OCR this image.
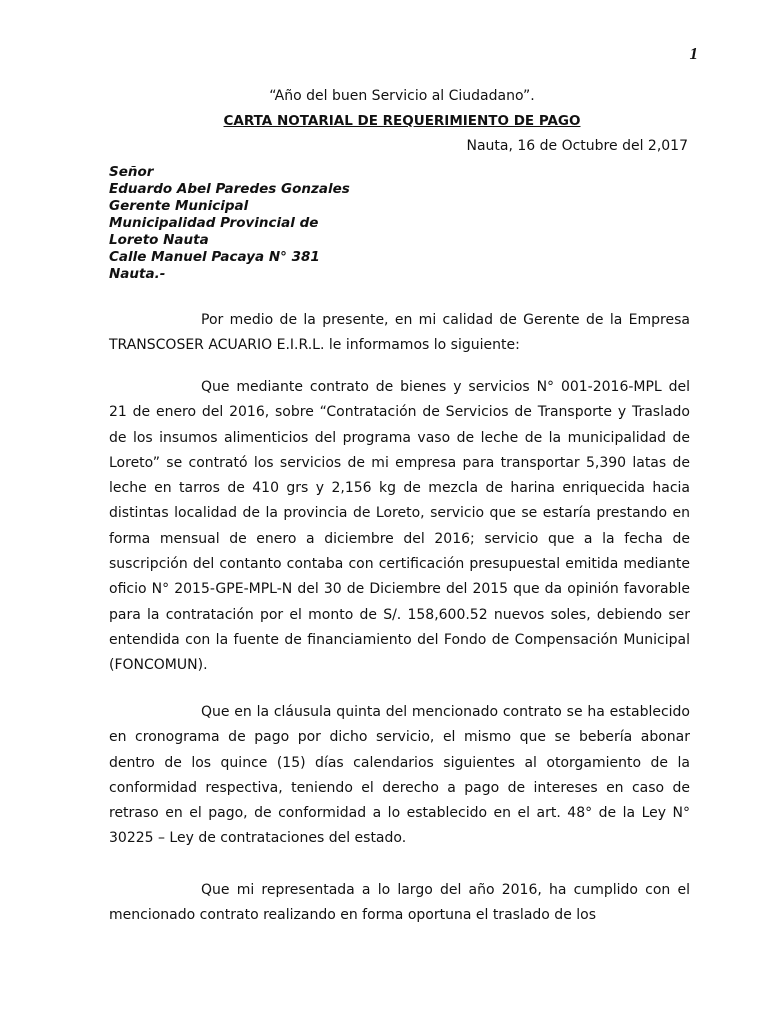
1
“Año del buen Servicio al Ciudadano”.
CARTA NOTARIAL DE REQUERIMIENTO DE PAGO
Nauta, 16 de Octubre del 2,017
Señor
Eduardo Abel Paredes Gonzales
Gerente Municipal
Municipalidad Provincial de
Loreto Nauta
Calle Manuel Pacaya N° 381
Nauta.-

Por medio de la presente, en mi calidad de Gerente de la Empresa TRANSCOSER ACUARIO E.I.R.L. le informamos lo siguiente:

Que mediante contrato de bienes y servicios N° 001-2016-MPL del 21 de enero del 2016, sobre “Contratación de Servicios de Transporte y Traslado de los insumos alimenticios del programa vaso de leche de la municipalidad de Loreto” se contrató los servicios de mi empresa para transportar 5,390 latas de leche en tarros de 410 grs y 2,156 kg de mezcla de harina enriquecida hacia distintas localidad de la provincia de Loreto, servicio que se estaría prestando en forma mensual de enero a diciembre del 2016; servicio que a la fecha de suscripción del contanto contaba con certificación presupuestal emitida mediante oficio N° 2015-GPE-MPL-N del 30 de Diciembre del 2015 que da opinión favorable para la contratación por el monto de S/. 158,600.52 nuevos soles, debiendo ser entendida con la fuente de financiamiento del Fondo de Compensación Municipal (FONCOMUN).

Que en la cláusula quinta del mencionado contrato se ha establecido en cronograma de pago por dicho servicio, el mismo que se bebería abonar dentro de los quince (15) días calendarios siguientes al otorgamiento de la conformidad respectiva, teniendo el derecho a pago de intereses en caso de retraso en el pago, de conformidad a lo establecido en el art. 48° de la Ley N° 30225 – Ley de contrataciones del estado.

Que mi representada a lo largo del año 2016, ha cumplido con el mencionado contrato realizando en forma oportuna el traslado de los
